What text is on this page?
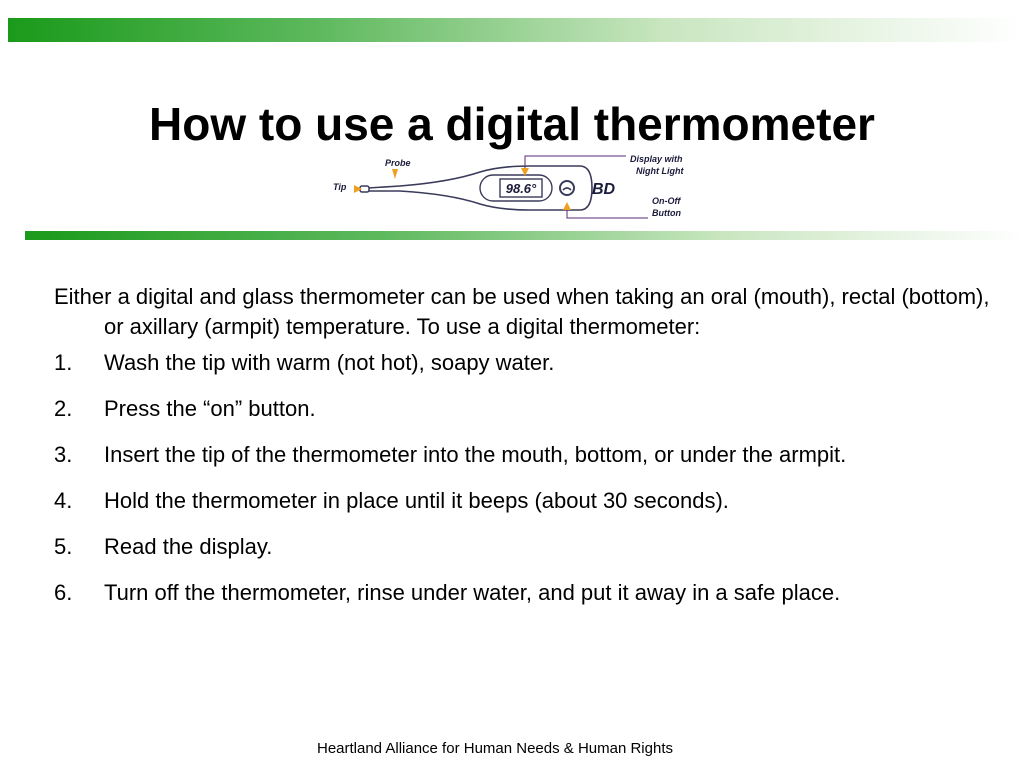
How to use a digital thermometer
98.6°	BD
Tip
Probe	Display with
Night Light
On-Off
Button

Either a digital and glass thermometer can be used when taking an oral (mouth), rectal (bottom), or axillary (armpit) temperature. To use a digital thermometer:

1.	Wash the tip with warm (not hot), soapy water.
2.	Press the “on” button.
3.	Insert the tip of the thermometer into the mouth, bottom, or under the armpit.
4.	Hold the thermometer in place until it beeps (about 30 seconds).
5.	Read the display.
6.	Turn off the thermometer, rinse under water, and put it away in a safe place.
Heartland Alliance for Human Needs & Human Rights
